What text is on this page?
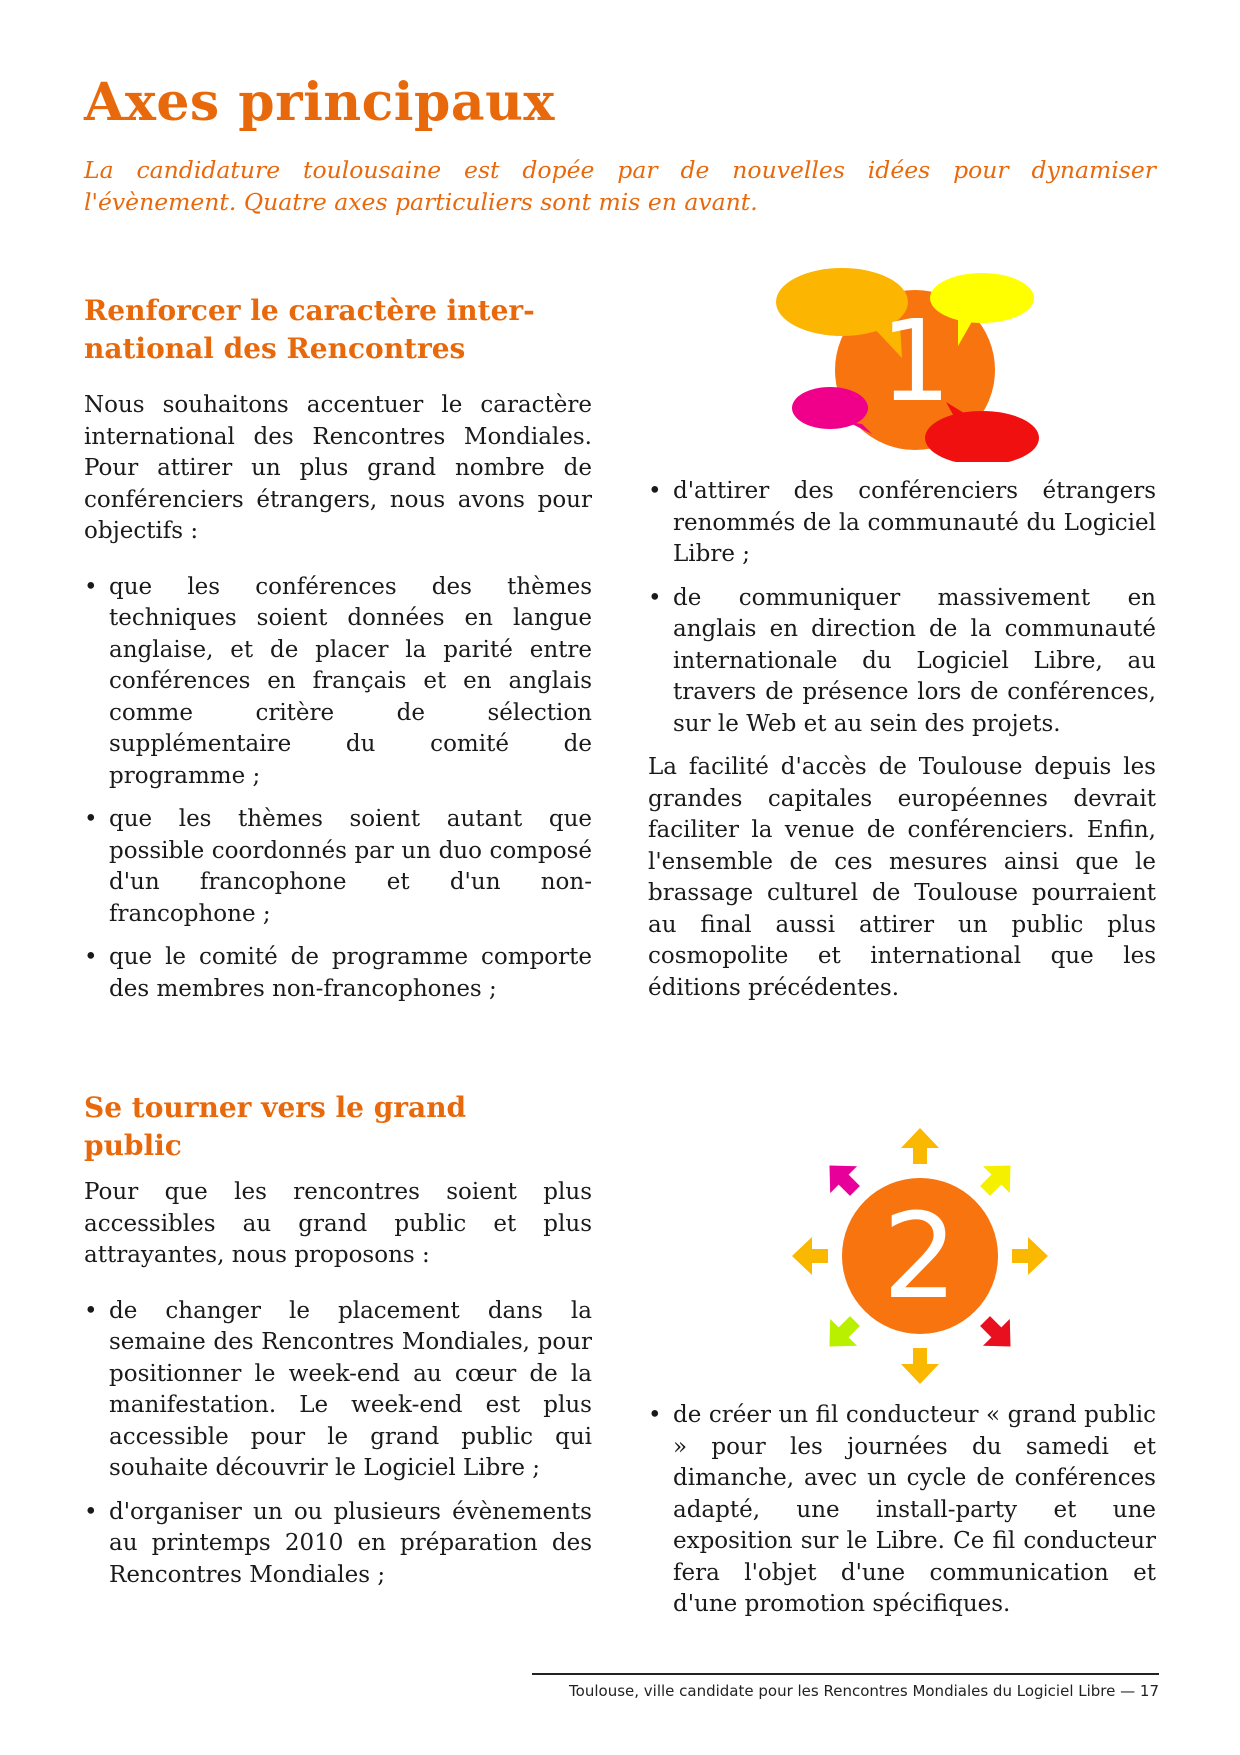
Axes principaux

La candidature toulousaine est dopée par de nouvelles idées pour dynamiser l'évènement. Quatre axes particuliers sont mis en avant.

Renforcer le caractère inter-
national des Rencontres

Nous souhaitons accentuer le caractère international des Rencontres Mondiales. Pour attirer un plus grand nombre de conférenciers étrangers, nous avons pour objectifs :

• que les conférences des thèmes techniques soient données en langue anglaise, et de placer la parité entre conférences en français et en anglais comme critère de sélection supplémentaire du comité de programme ;
• que les thèmes soient autant que possible coordonnés par un duo composé d'un francophone et d'un non-francophone ;
• que le comité de programme comporte des membres non-francophones ;
1
• d'attirer des conférenciers étrangers renommés de la communauté du Logiciel Libre ;
• de communiquer massivement en anglais en direction de la communauté internationale du Logiciel Libre, au travers de présence lors de conférences, sur le Web et au sein des projets.

La facilité d'accès de Toulouse depuis les grandes capitales européennes devrait faciliter la venue de conférenciers. Enfin, l'ensemble de ces mesures ainsi que le brassage culturel de Toulouse pourraient au final aussi attirer un public plus cosmopolite et international que les éditions précédentes.

Se tourner vers le grand
public

Pour que les rencontres soient plus accessibles au grand public et plus attrayantes, nous proposons :

• de changer le placement dans la semaine des Rencontres Mondiales, pour positionner le week-end au cœur de la manifestation. Le week-end est plus accessible pour le grand public qui souhaite découvrir le Logiciel Libre ;
• d'organiser un ou plusieurs évènements au printemps 2010 en préparation des Rencontres Mondiales ;
2
• de créer un fil conducteur « grand public » pour les journées du samedi et dimanche, avec un cycle de conférences adapté, une install-party et une exposition sur le Libre. Ce fil conducteur fera l'objet d'une communication et d'une promotion spécifiques.
Toulouse, ville candidate pour les Rencontres Mondiales du Logiciel Libre — 17
